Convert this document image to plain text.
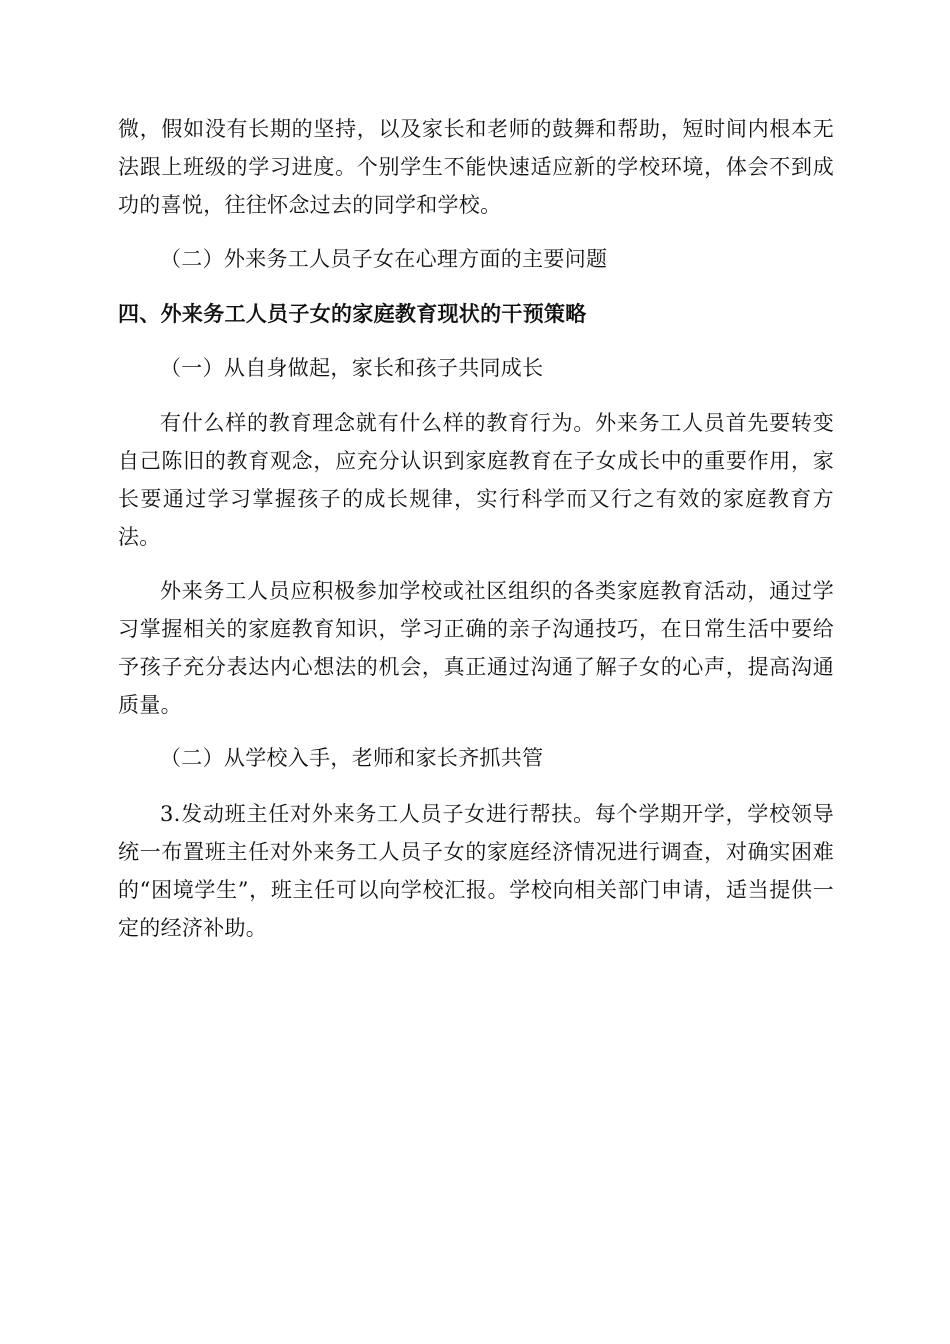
微，假如没有长期的坚持，以及家长和老师的鼓舞和帮助，短时间内根本无法跟上班级的学习进度。个别学生不能快速适应新的学校环境，体会不到成功的喜悦，往往怀念过去的同学和学校。

（二）外来务工人员子女在心理方面的主要问题

四、外来务工人员子女的家庭教育现状的干预策略

（一）从自身做起，家长和孩子共同成长

有什么样的教育理念就有什么样的教育行为。外来务工人员首先要转变自己陈旧的教育观念，应充分认识到家庭教育在子女成长中的重要作用，家长要通过学习掌握孩子的成长规律，实行科学而又行之有效的家庭教育方法。

外来务工人员应积极参加学校或社区组织的各类家庭教育活动，通过学习掌握相关的家庭教育知识，学习正确的亲子沟通技巧，在日常生活中要给予孩子充分表达内心想法的机会，真正通过沟通了解子女的心声，提高沟通质量。

（二）从学校入手，老师和家长齐抓共管

3.发动班主任对外来务工人员子女进行帮扶。每个学期开学，学校领导统一布置班主任对外来务工人员子女的家庭经济情况进行调查，对确实困难的“困境学生”，班主任可以向学校汇报。学校向相关部门申请，适当提供一定的经济补助。
